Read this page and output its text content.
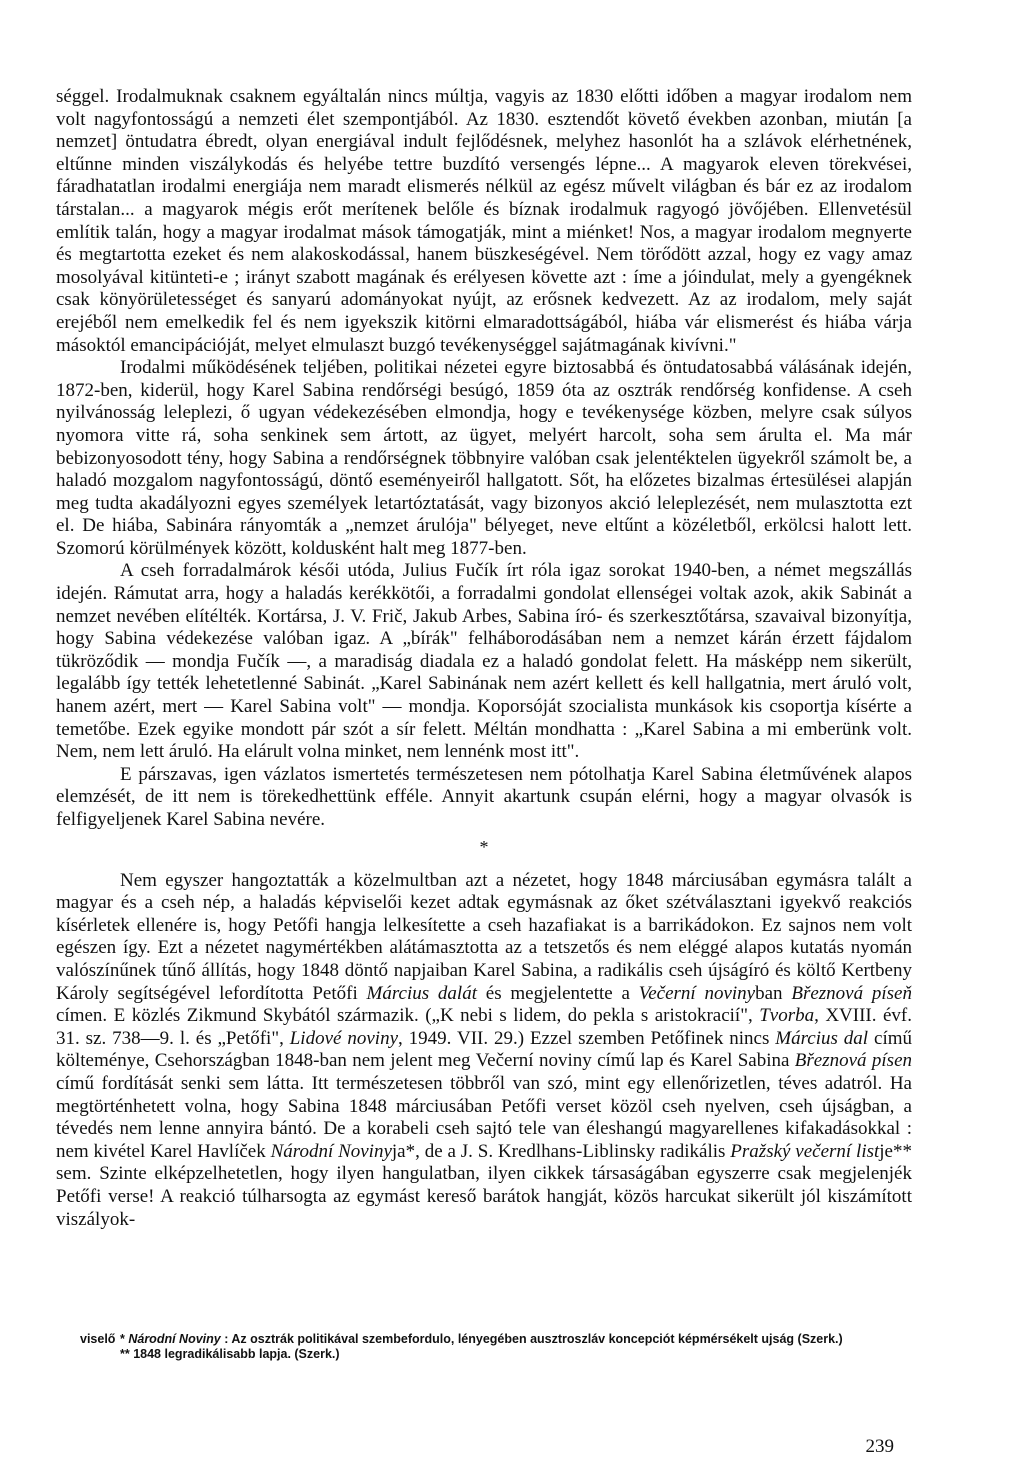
séggel. Irodalmuknak csaknem egyáltalán nincs múltja, vagyis az 1830 előtti időben a magyar irodalom nem volt nagyfontosságú a nemzeti élet szempontjából. Az 1830. esztendőt követő években azonban, miután [a nemzet] öntudatra ébredt, olyan energiával indult fejlődésnek, melyhez hasonlót ha a szlávok elérhetnének, eltűnne minden viszálykodás és helyébe tettre buzdító versengés lépne... A magyarok eleven törekvései, fáradhatatlan irodalmi energiája nem maradt elismerés nélkül az egész művelt világban és bár ez az irodalom társtalan... a magyarok mégis erőt merítenek belőle és bíznak irodalmuk ragyogó jövőjében. Ellenvetésül említik talán, hogy a magyar irodalmat mások támogatják, mint a miénket! Nos, a magyar irodalom megnyerte és megtartotta ezeket és nem alakoskodással, hanem büszkeségével. Nem törődött azzal, hogy ez vagy amaz mosolyával kitünteti-e ; irányt szabott magának és erélyesen követte azt : íme a jóindulat, mely a gyengéknek csak könyörületességet és sanyarú adományokat nyújt, az erősnek kedvezett. Az az irodalom, mely saját erejéből nem emelkedik fel és nem igyekszik kitörni elmaradottságából, hiába vár elismerést és hiába várja másoktól emancipációját, melyet elmulaszt buzgó tevékenységgel sajátmagának kivívni."

Irodalmi működésének teljében, politikai nézetei egyre biztosabbá és öntudatosabbá válásának idején, 1872-ben, kiderül, hogy Karel Sabina rendőrségi besúgó, 1859 óta az osztrák rendőrség konfidense. A cseh nyilvánosság leleplezi, ő ugyan védekezésében elmondja, hogy e tevékenysége közben, melyre csak súlyos nyomora vitte rá, soha senkinek sem ártott, az ügyet, melyért harcolt, soha sem árulta el. Ma már bebizonyosodott tény, hogy Sabina a rendőrségnek többnyire valóban csak jelentéktelen ügyekről számolt be, a haladó mozgalom nagyfontosságú, döntő eseményeiről hallgatott. Sőt, ha előzetes bizalmas értesülései alapján meg tudta akadályozni egyes személyek letartóztatását, vagy bizonyos akció leleplezését, nem mulasztotta ezt el. De hiába, Sabinára rányomták a „nemzet árulója" bélyeget, neve eltűnt a közéletből, erkölcsi halott lett. Szomorú körülmények között, koldusként halt meg 1877-ben.

A cseh forradalmárok késői utóda, Julius Fučík írt róla igaz sorokat 1940-ben, a német megszállás idején. Rámutat arra, hogy a haladás kerékkötői, a forradalmi gondolat ellenségei voltak azok, akik Sabinát a nemzet nevében elítélték. Kortársa, J. V. Frič, Jakub Arbes, Sabina író- és szerkesztőtársa, szavaival bizonyítja, hogy Sabina védekezése valóban igaz. A „bírák" felháborodásában nem a nemzet kárán érzett fájdalom tükröződik — mondja Fučík —, a maradiság diadala ez a haladó gondolat felett. Ha másképp nem sikerült, legalább így tették lehetetlenné Sabinát. „Karel Sabinának nem azért kellett és kell hallgatnia, mert áruló volt, hanem azért, mert — Karel Sabina volt" — mondja. Koporsóját szocialista munkások kis csoportja kísérte a temetőbe. Ezek egyike mondott pár szót a sír felett. Méltán mondhatta : „Karel Sabina a mi emberünk volt. Nem, nem lett áruló. Ha elárult volna minket, nem lennénk most itt".

E párszavas, igen vázlatos ismertetés természetesen nem pótolhatja Karel Sabina életművének alapos elemzését, de itt nem is törekedhettünk efféle. Annyit akartunk csupán elérni, hogy a magyar olvasók is felfigyeljenek Karel Sabina nevére.

*

Nem egyszer hangoztatták a közelmultban azt a nézetet, hogy 1848 márciusában egymásra talált a magyar és a cseh nép, a haladás képviselői kezet adtak egymásnak az őket szétválasztani igyekvő reakciós kísérletek ellenére is, hogy Petőfi hangja lelkesítette a cseh hazafiakat is a barrikádokon. Ez sajnos nem volt egészen így. Ezt a nézetet nagymértékben alátámasztotta az a tetszetős és nem eléggé alapos kutatás nyomán valószínűnek tűnő állítás, hogy 1848 döntő napjaiban Karel Sabina, a radikális cseh újságíró és költő Kertbeny Károly segítségével lefordította Petőfi Március dalát és megjelentette a Večerní novinyban Březnová píseň címen. E közlés Zikmund Skybától származik. („K nebi s lidem, do pekla s aristokracií", Tvorba, XVIII. évf. 31. sz. 738—9. l. és „Petőfi", Lidové noviny, 1949. VII. 29.) Ezzel szemben Petőfinek nincs Március dal című költeménye, Csehországban 1848-ban nem jelent meg Večerní noviny című lap és Karel Sabina Březnová písen című fordítását senki sem látta. Itt természetesen többről van szó, mint egy ellenőrizetlen, téves adatról. Ha megtörténhetett volna, hogy Sabina 1848 márciusában Petőfi verset közöl cseh nyelven, cseh újságban, a tévedés nem lenne annyira bántó. De a korabeli cseh sajtó tele van éleshangú magyarellenes kifakadásokkal : nem kivétel Karel Havlíček Národní Novinyja*, de a J. S. Kredlhans-Liblinsky radikális Pražský večerní listje** sem. Szinte elképzelhetetlen, hogy ilyen hangulatban, ilyen cikkek társaságában egyszerre csak megjelenjék Petőfi verse! A reakció túlharsogta az egymást kereső barátok hangját, közös harcukat sikerült jól kiszámított viszályok-

viselő * Národní Noviny : Az osztrák politikával szembefordulo, lényegében ausztroszláv koncepciót képmérsékelt ujság (Szerk.)
** 1848 legradikálisabb lapja. (Szerk.)
239
